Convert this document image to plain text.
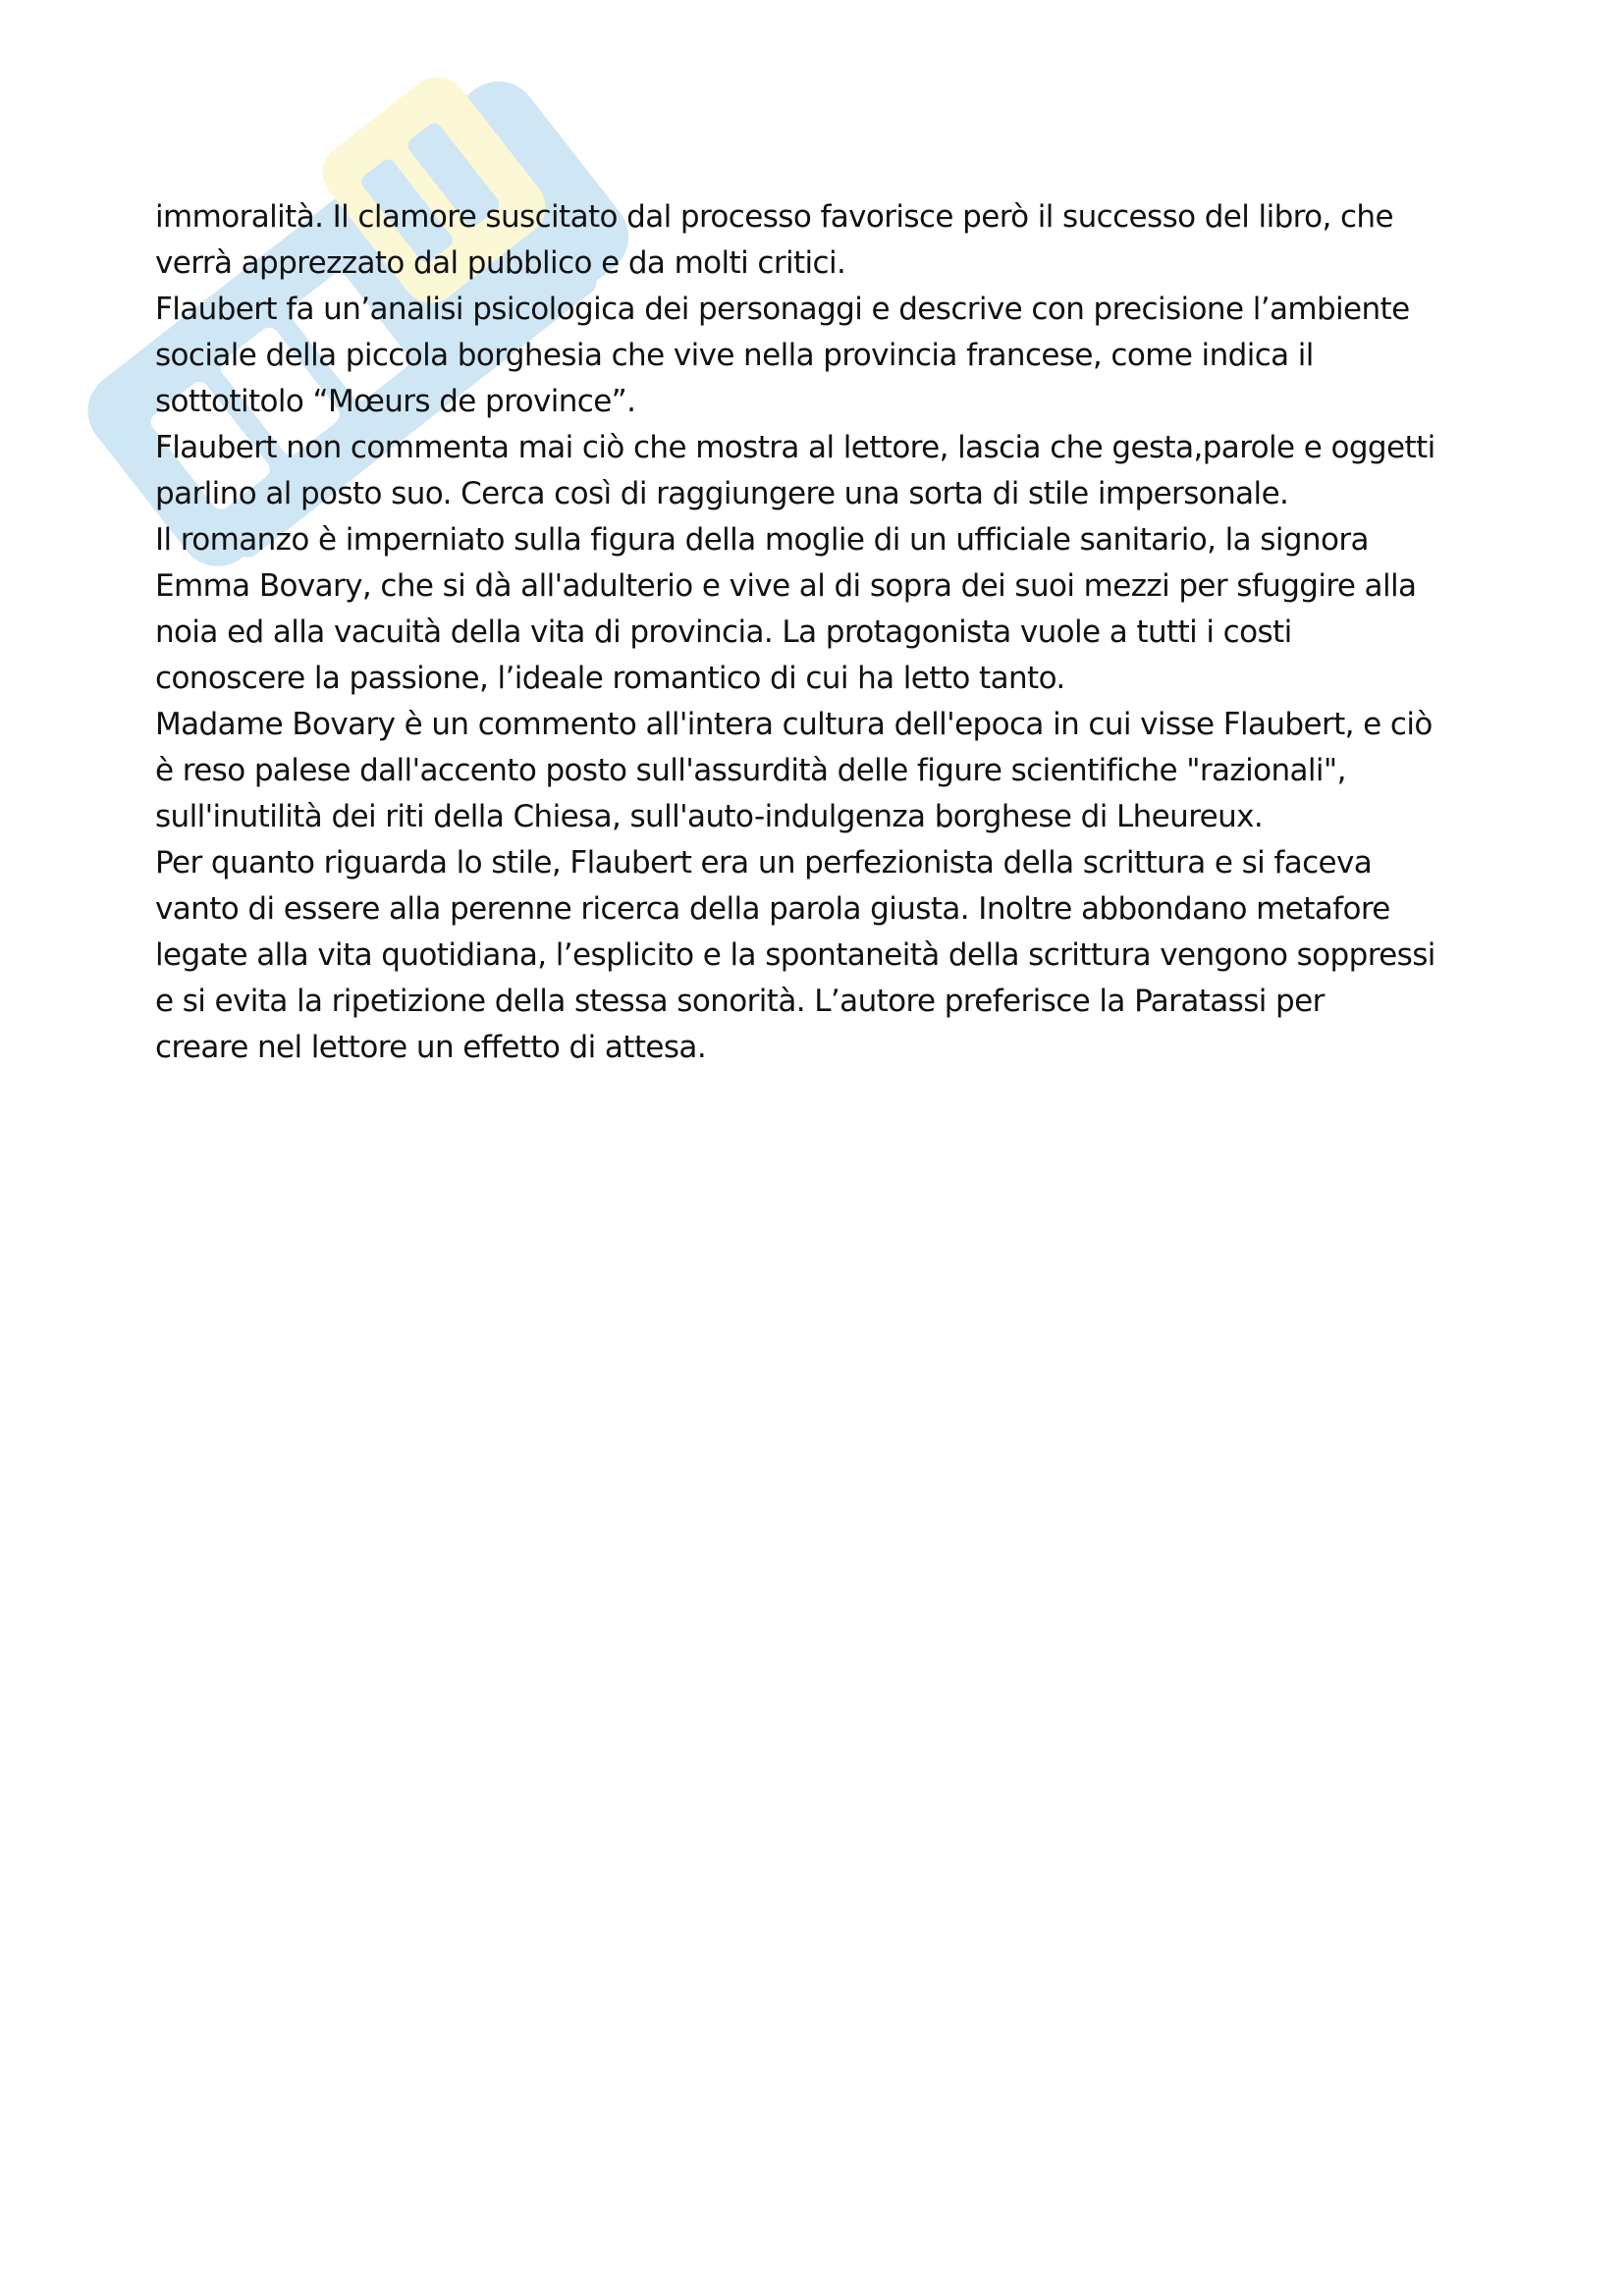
immoralità. Il clamore suscitato dal processo favorisce però il successo del libro, che
verrà apprezzato dal pubblico e da molti critici.
Flaubert fa un’analisi psicologica dei personaggi e descrive con precisione l’ambiente
sociale della piccola borghesia che vive nella provincia francese, come indica il
sottotitolo “Mœurs de province”.
Flaubert non commenta mai ciò che mostra al lettore, lascia che gesta,parole e oggetti
parlino al posto suo. Cerca così di raggiungere una sorta di stile impersonale.
Il romanzo è imperniato sulla figura della moglie di un ufficiale sanitario, la signora
Emma Bovary, che si dà all'adulterio e vive al di sopra dei suoi mezzi per sfuggire alla
noia ed alla vacuità della vita di provincia. La protagonista vuole a tutti i costi
conoscere la passione, l’ideale romantico di cui ha letto tanto.
Madame Bovary è un commento all'intera cultura dell'epoca in cui visse Flaubert, e ciò
è reso palese dall'accento posto sull'assurdità delle figure scientifiche "razionali",
sull'inutilità dei riti della Chiesa, sull'auto-indulgenza borghese di Lheureux.
Per quanto riguarda lo stile, Flaubert era un perfezionista della scrittura e si faceva
vanto di essere alla perenne ricerca della parola giusta. Inoltre abbondano metafore
legate alla vita quotidiana, l’esplicito e la spontaneità della scrittura vengono soppressi
e si evita la ripetizione della stessa sonorità. L’autore preferisce la Paratassi per
creare nel lettore un effetto di attesa.
